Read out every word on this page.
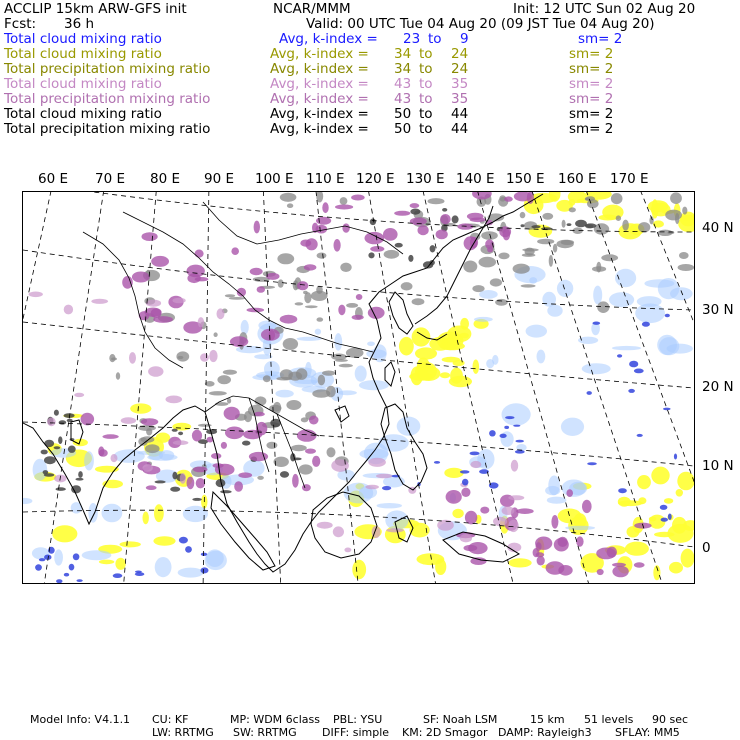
ACCLIP 15km ARW-GFS init	NCAR/MMM	Init: 12 UTC Sun 02 Aug 20
Fcst: 36 h	Valid: 00 UTC Tue 04 Aug 20 (09 JST Tue 04 Aug 20)
Total cloud mixing ratio	Avg, k-index = 23 to 9	sm= 2
Total cloud mixing ratio	Avg, k-index = 34 to 24	sm= 2
Total precipitation mixing ratio	Avg, k-index = 34 to 24	sm= 2
Total cloud mixing ratio	Avg, k-index = 43 to 35	sm= 2
Total precipitation mixing ratio	Avg, k-index = 43 to 35	sm= 2
Total cloud mixing ratio	Avg, k-index = 50 to 44	sm= 2
Total precipitation mixing ratio	Avg, k-index = 50 to 44	sm= 2
60 E 70 E 80 E 90 E 100 E 110 E 120 E 130 E 140 E 150 E 160 E 170 E
40 N
30 N
20 N
10 N
0
Model Info: V4.1.1 CU: KF	MP: WDM 6class PBL: YSU	SF: Noah LSM	15 km 51 levels 90 sec
LW: RRTMG SW: RRTMG DIFF: simple KM: 2D Smagor DAMP: Rayleigh3 SFLAY: MM5
